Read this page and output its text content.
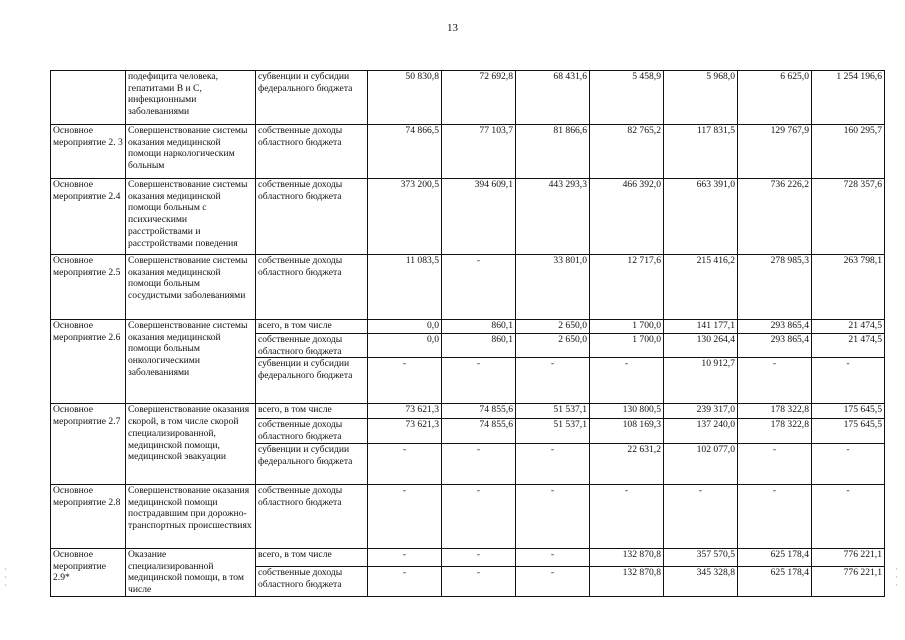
13
	подефицита человека, гепатитами В и С, инфекционными заболеваниями	субвенции и субсидии федерального бюджета	50 830,8	72 692,8	68 431,6	5 458,9	5 968,0	6 625,0	1 254 196,6
Основное мероприятие 2. 3	Совершенствование системы оказания медицинской помощи наркологическим больным	собственные доходы областного бюджета	74 866,5	77 103,7	81 866,6	82 765,2	117 831,5	129 767,9	160 295,7
Основное мероприятие 2.4	Совершенствование системы оказания медицинской помощи больным с психическими расстройствами и расстройствами поведения	собственные доходы областного бюджета	373 200,5	394 609,1	443 293,3	466 392,0	663 391,0	736 226,2	728 357,6
Основное мероприятие 2.5	Совершенствование системы оказания медицинской помощи больным сосудистыми заболеваниями	собственные доходы областного бюджета	11 083,5	-	33 801,0	12 717,6	215 416,2	278 985,3	263 798,1
Основное мероприятие 2.6	Совершенствование системы оказания медицинской помощи больным онкологическими заболеваниями	всего, в том числе	0,0	860,1	2 650,0	1 700,0	141 177,1	293 865,4	21 474,5
		собственные доходы областного бюджета	0,0	860,1	2 650,0	1 700,0	130 264,4	293 865,4	21 474,5
		субвенции и субсидии федерального бюджета	-	-	-	-	10 912,7	-	-
Основное мероприятие 2.7	Совершенствование оказания скорой, в том числе скорой специализированной, медицинской помощи, медицинской эвакуации	всего, в том числе	73 621,3	74 855,6	51 537,1	130 800,5	239 317,0	178 322,8	175 645,5
		собственные доходы областного бюджета	73 621,3	74 855,6	51 537,1	108 169,3	137 240,0	178 322,8	175 645,5
		субвенции и субсидии федерального бюджета	-	-	-	22 631,2	102 077,0	-	-
Основное мероприятие 2.8	Совершенствование оказания медицинской помощи пострадавшим при дорожно-транспортных происшествиях	собственные доходы областного бюджета	-	-	-	-	-	-	-
Основное мероприятие 2.9*	Оказание специализированной медицинской помощи, в том числе	всего, в том числе	-	-	-	132 870,8	357 570,5	625 178,4	776 221,1
		собственные доходы областного бюджета	-	-	-	132 870,8	345 328,8	625 178,4	776 221,1
·
·
·
·
·
·
